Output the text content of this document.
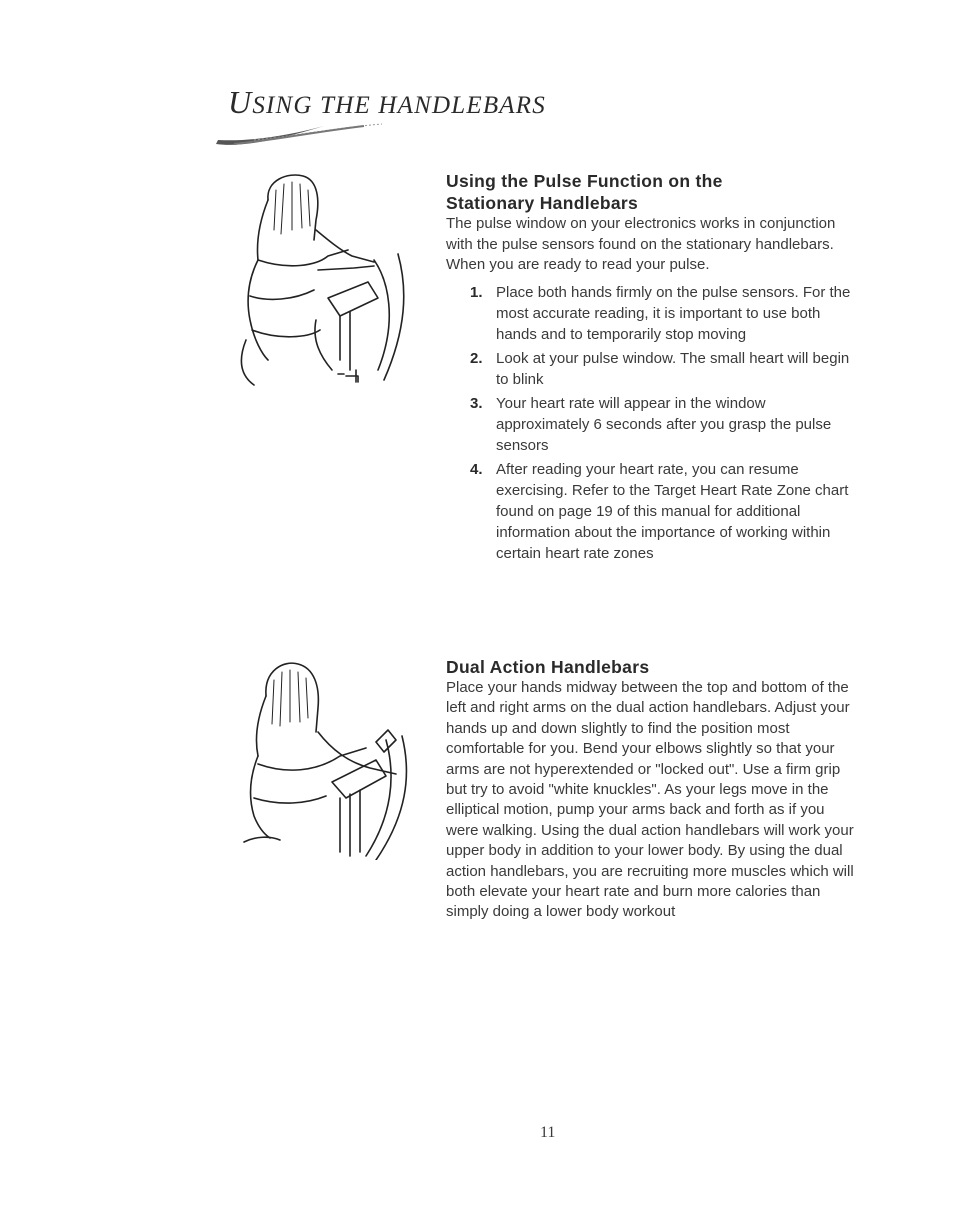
USING THE HANDLEBARS
Using the Pulse Function on the Stationary Handlebars

The pulse window on your electronics works in conjunction with the pulse sensors found on the stationary handlebars. When you are ready to read your pulse.

1. Place both hands firmly on the pulse sensors. For the most accurate reading, it is important to use both hands and to temporarily stop moving
2. Look at your pulse window. The small heart will begin to blink
3. Your heart rate will appear in the window approximately 6 seconds after you grasp the pulse sensors
4. After reading your heart rate, you can resume exercising. Refer to the Target Heart Rate Zone chart found on page 19 of this manual for additional information about the importance of working within certain heart rate zones
Dual Action Handlebars

Place your hands midway between the top and bottom of the left and right arms on the dual action handlebars. Adjust your hands up and down slightly to find the position most comfortable for you. Bend your elbows slightly so that your arms are not hyperextended or "locked out". Use a firm grip but try to avoid "white knuckles". As your legs move in the elliptical motion, pump your arms back and forth as if you were walking. Using the dual action handlebars will work your upper body in addition to your lower body. By using the dual action handlebars, you are recruiting more muscles which will both elevate your heart rate and burn more calories than simply doing a lower body workout

11
